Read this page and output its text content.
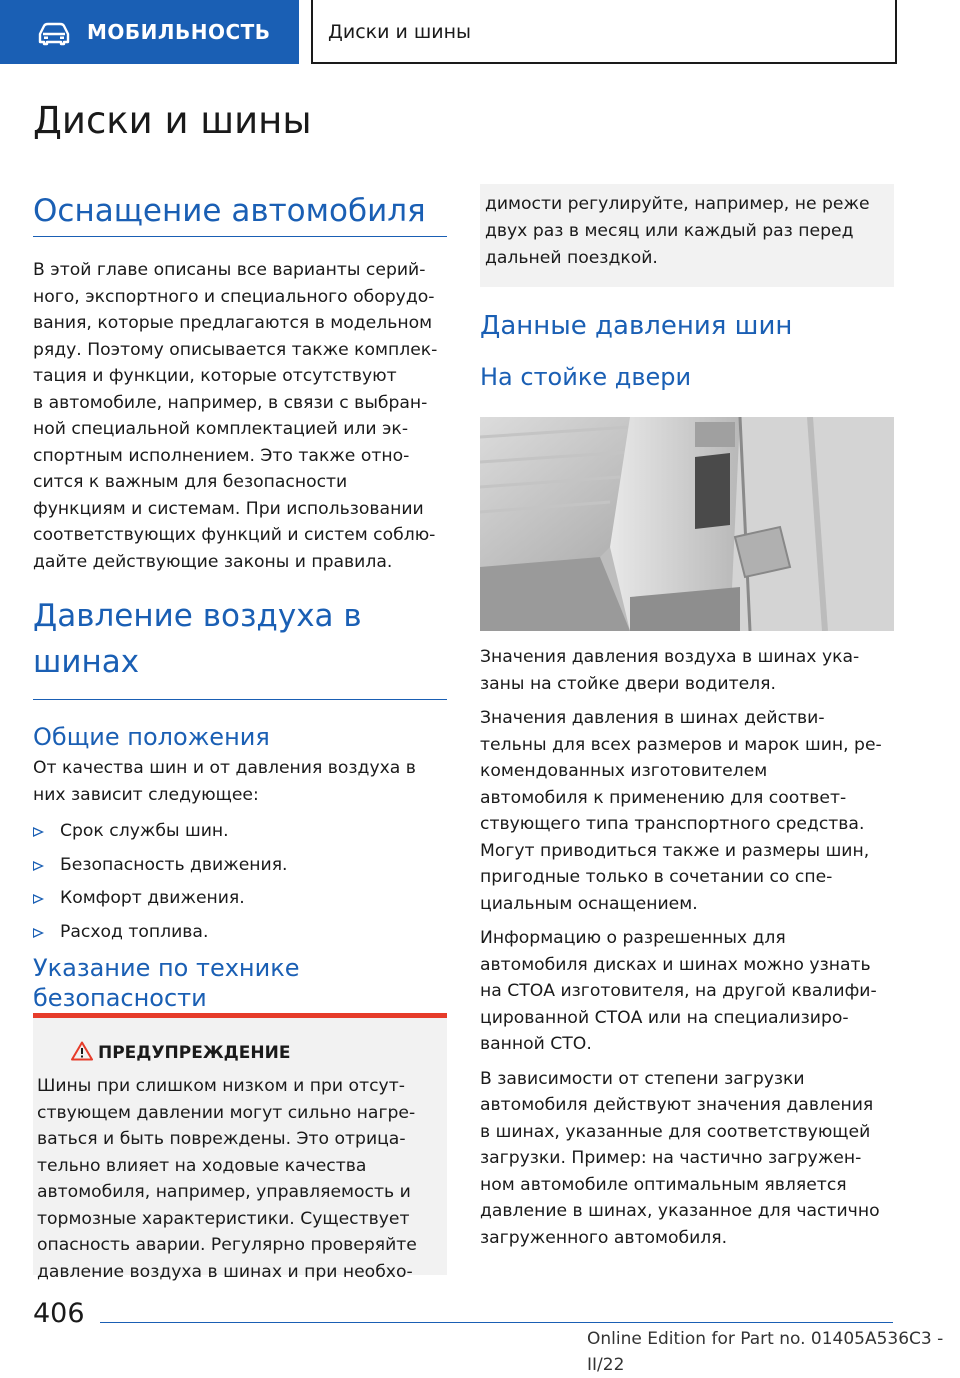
МОБИЛЬНОСТЬ	Диски и шины
Диски и шины
Оснащение автомобиля

В этой главе описаны все варианты серий-
ного, экспортного и специального оборудо-
вания, которые предлагаются в модельном
ряду. Поэтому описывается также комплек-
тация и функции, которые отсутствуют
в автомобиле, например, в связи с выбран-
ной специальной комплектацией или эк-
спортным исполнением. Это также отно-
сится к важным для безопасности
функциям и системам. При использовании
соответствующих функций и систем соблю-
дайте действующие законы и правила.

Давление воздуха в
шинах
Общие положения

От качества шин и от давления воздуха в
них зависит следующее:

Срок службы шин.
Безопасность движения.
Комфорт движения.
Расход топлива.
Указание по технике
безопасности
ПРЕДУПРЕЖДЕНИЕ

Шины при слишком низком и при отсут-
ствующем давлении могут сильно нагре-
ваться и быть повреждены. Это отрица-
тельно влияет на ходовые качества
автомобиля, например, управляемость и
тормозные характеристики. Существует
опасность аварии. Регулярно проверяйте
давление воздуха в шинах и при необхо-

димости регулируйте, например, не реже
двух раз в месяц или каждый раз перед
дальней поездкой.

Данные давления шин
На стойке двери

Значения давления воздуха в шинах ука-
заны на стойке двери водителя.

Значения давления в шинах действи-
тельны для всех размеров и марок шин, ре-
комендованных изготовителем
автомобиля к применению для соответ-
ствующего типа транспортного средства.
Могут приводиться также и размеры шин,
пригодные только в сочетании со спе-
циальным оснащением.

Информацию о разрешенных для
автомобиля дисках и шинах можно узнать
на СТОА изготовителя, на другой квалифи-
цированной СТОА или на специализиро-
ванной СТО.

В зависимости от степени загрузки
автомобиля действуют значения давления
в шинах, указанные для соответствующей
загрузки. Пример: на частично загружен-
ном автомобиле оптимальным является
давление в шинах, указанное для частично
загруженного автомобиля.

406
Online Edition for Part no. 01405A536C3 - II/22
